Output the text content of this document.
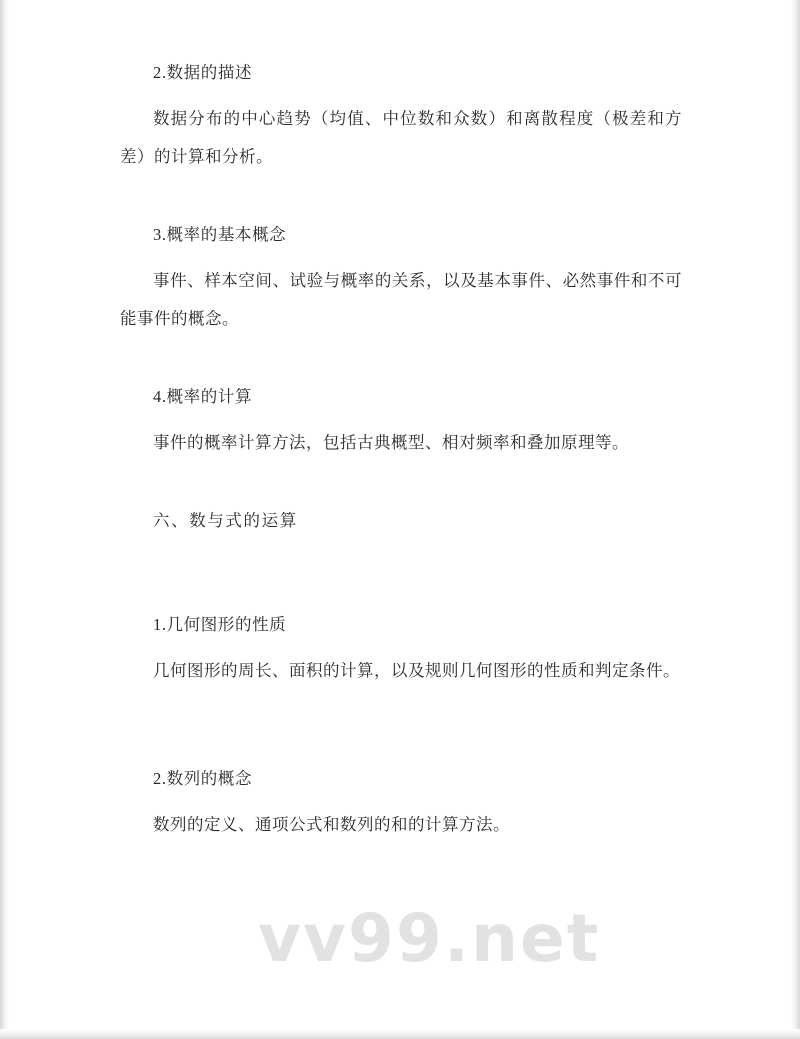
2.数据的描述
数据分布的中心趋势（均值、中位数和众数）和离散程度（极差和方差）的计算和分析。
3.概率的基本概念
事件、样本空间、试验与概率的关系，以及基本事件、必然事件和不可能事件的概念。
4.概率的计算
事件的概率计算方法，包括古典概型、相对频率和叠加原理等。
六、数与式的运算
1.几何图形的性质
几何图形的周长、面积的计算，以及规则几何图形的性质和判定条件。
2.数列的概念
数列的定义、通项公式和数列的和的计算方法。
vv99.net
